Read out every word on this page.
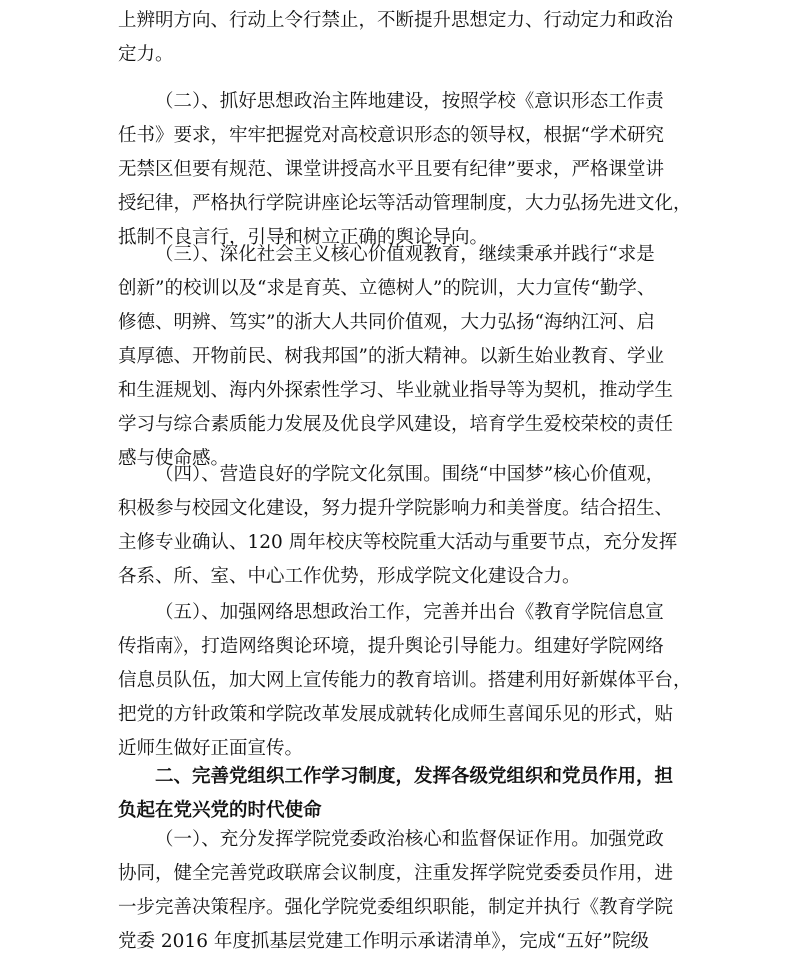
上辨明方向、行动上令行禁止，不断提升思想定力、行动定力和政治
定力。
（二）、抓好思想政治主阵地建设，按照学校《意识形态工作责
任书》要求，牢牢把握党对高校意识形态的领导权，根据“学术研究
无禁区但要有规范、课堂讲授高水平且要有纪律”要求，严格课堂讲
授纪律，严格执行学院讲座论坛等活动管理制度，大力弘扬先进文化，
抵制不良言行，引导和树立正确的舆论导向。
（三）、深化社会主义核心价值观教育，继续秉承并践行“求是
创新”的校训以及“求是育英、立德树人”的院训，大力宣传“勤学、
修德、明辨、笃实”的浙大人共同价值观，大力弘扬“海纳江河、启
真厚德、开物前民、树我邦国”的浙大精神。以新生始业教育、学业
和生涯规划、海内外探索性学习、毕业就业指导等为契机，推动学生
学习与综合素质能力发展及优良学风建设，培育学生爱校荣校的责任
感与使命感。
（四）、营造良好的学院文化氛围。围绕“中国梦”核心价值观，
积极参与校园文化建设，努力提升学院影响力和美誉度。结合招生、
主修专业确认、120 周年校庆等校院重大活动与重要节点，充分发挥
各系、所、室、中心工作优势，形成学院文化建设合力。
（五）、加强网络思想政治工作，完善并出台《教育学院信息宣
传指南》，打造网络舆论环境，提升舆论引导能力。组建好学院网络
信息员队伍，加大网上宣传能力的教育培训。搭建利用好新媒体平台，
把党的方针政策和学院改革发展成就转化成师生喜闻乐见的形式，贴
近师生做好正面宣传。
二、完善党组织工作学习制度，发挥各级党组织和党员作用，担
负起在党兴党的时代使命
（一）、充分发挥学院党委政治核心和监督保证作用。加强党政
协同，健全完善党政联席会议制度，注重发挥学院党委委员作用，进
一步完善决策程序。强化学院党委组织职能，制定并执行《教育学院
党委 2016 年度抓基层党建工作明示承诺清单》，完成“五好”院级
